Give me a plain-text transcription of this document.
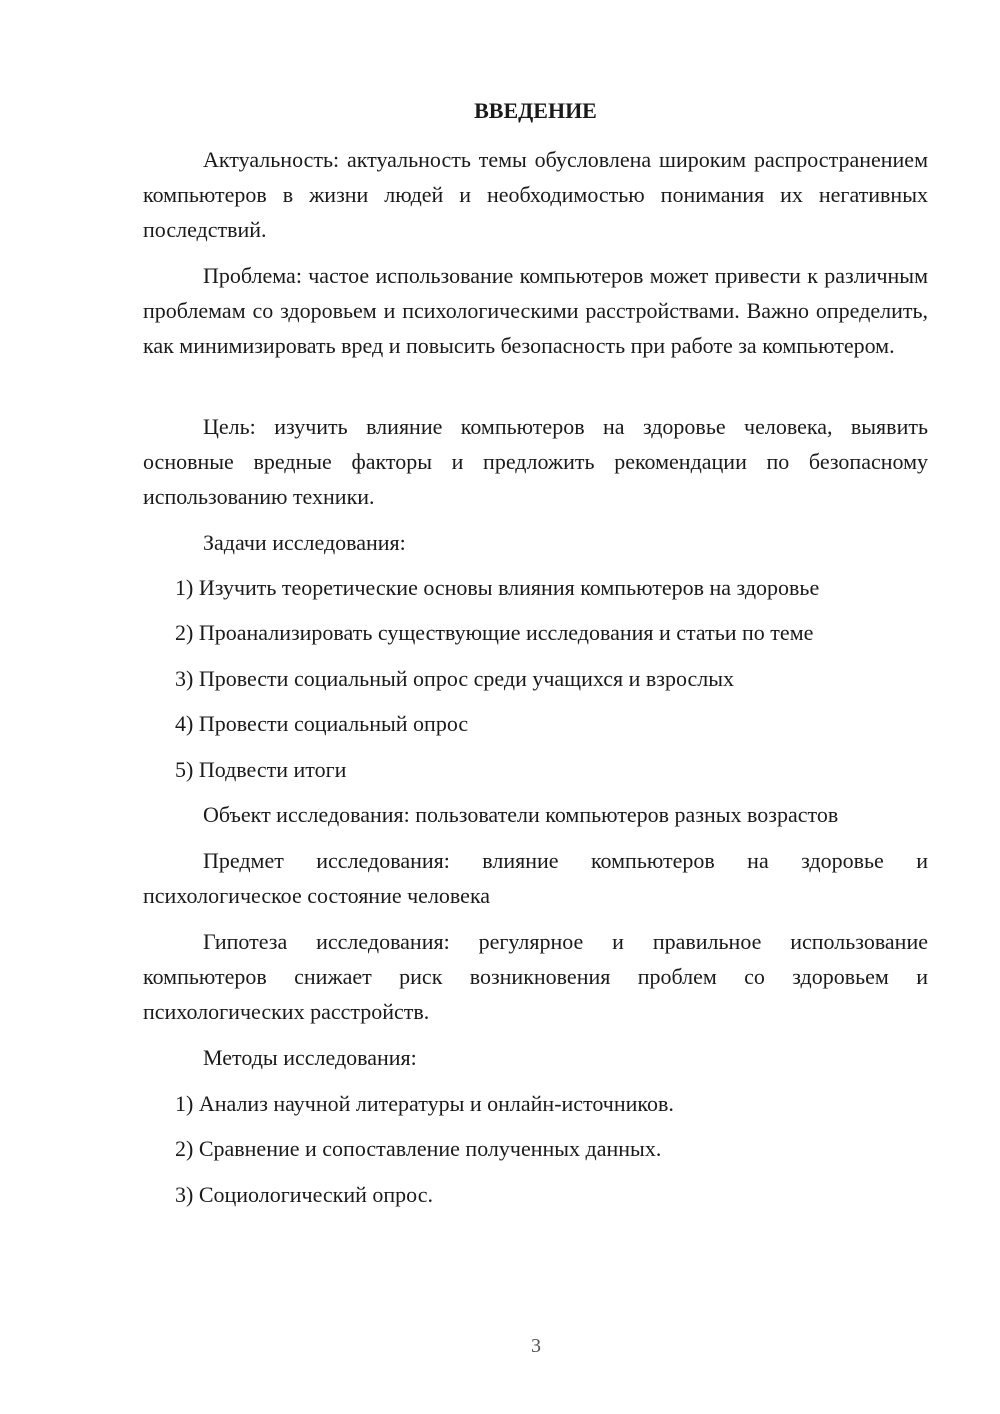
ВВЕДЕНИЕ

Актуальность: актуальность темы обусловлена широким распространением компьютеров в жизни людей и необходимостью понимания их негативных последствий.

Проблема: частое использование компьютеров может привести к различным проблемам со здоровьем и психологическими расстройствами. Важно определить, как минимизировать вред и повысить безопасность при работе за компьютером.

Цель: изучить влияние компьютеров на здоровье человека, выявить основные вредные факторы и предложить рекомендации по безопасному использованию техники.

Задачи исследования:

1) Изучить теоретические основы влияния компьютеров на здоровье

2) Проанализировать существующие исследования и статьи по теме

3) Провести социальный опрос среди учащихся и взрослых

4) Провести социальный опрос

5) Подвести итоги

Объект исследования: пользователи компьютеров разных возрастов

Предмет исследования: влияние компьютеров на здоровье и психологическое состояние человека

Гипотеза исследования: регулярное и правильное использование компьютеров снижает риск возникновения проблем со здоровьем и психологических расстройств.

Методы исследования:

1) Анализ научной литературы и онлайн-источников.

2) Сравнение и сопоставление полученных данных.

3) Социологический опрос.

3
